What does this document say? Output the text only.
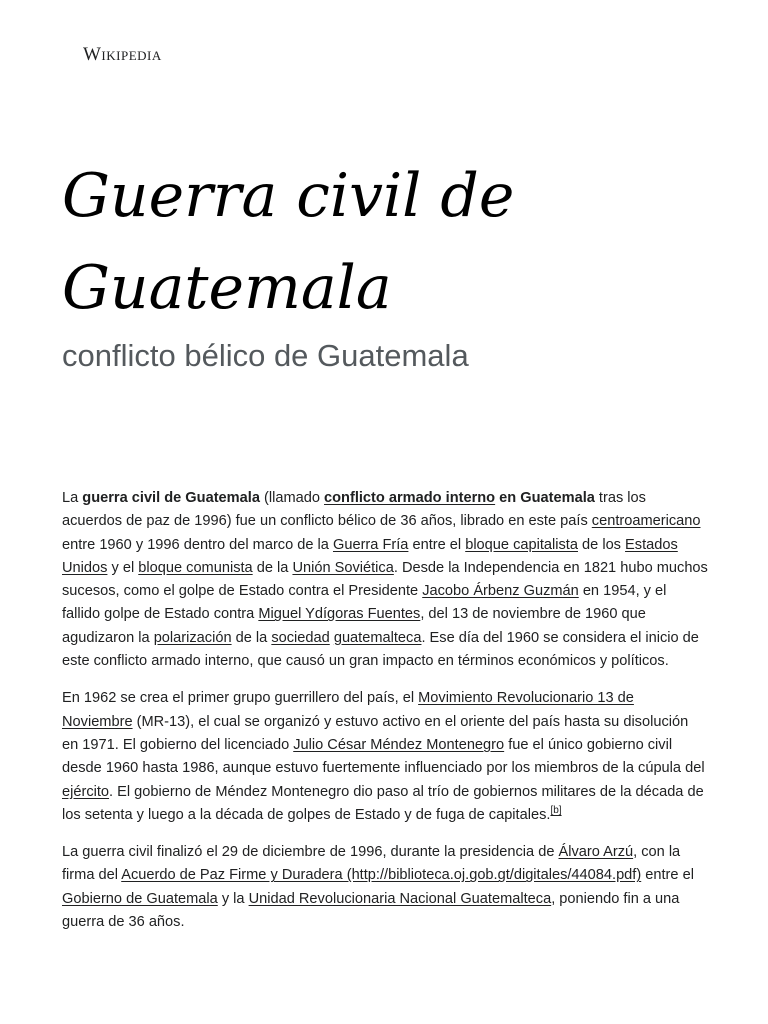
Wikipedia
Guerra civil de Guatemala
conflicto bélico de Guatemala

La guerra civil de Guatemala (llamado conflicto armado interno en Guatemala tras los acuerdos de paz de 1996) fue un conflicto bélico de 36 años, librado en este país centroamericano entre 1960 y 1996 dentro del marco de la Guerra Fría entre el bloque capitalista de los Estados Unidos y el bloque comunista de la Unión Soviética. Desde la Independencia en 1821 hubo muchos sucesos, como el golpe de Estado contra el Presidente Jacobo Árbenz Guzmán en 1954, y el fallido golpe de Estado contra Miguel Ydígoras Fuentes, del 13 de noviembre de 1960 que agudizaron la polarización de la sociedad guatemalteca. Ese día del 1960 se considera el inicio de este conflicto armado interno, que causó un gran impacto en términos económicos y políticos.

En 1962 se crea el primer grupo guerrillero del país, el Movimiento Revolucionario 13 de Noviembre (MR-13), el cual se organizó y estuvo activo en el oriente del país hasta su disolución en 1971. El gobierno del licenciado Julio César Méndez Montenegro fue el único gobierno civil desde 1960 hasta 1986, aunque estuvo fuertemente influenciado por los miembros de la cúpula del ejército. El gobierno de Méndez Montenegro dio paso al trío de gobiernos militares de la década de los setenta y luego a la década de golpes de Estado y de fuga de capitales.[b]

La guerra civil finalizó el 29 de diciembre de 1996, durante la presidencia de Álvaro Arzú, con la firma del Acuerdo de Paz Firme y Duradera (http://biblioteca.oj.gob.gt/digitales/44084.pdf) entre el Gobierno de Guatemala y la Unidad Revolucionaria Nacional Guatemalteca, poniendo fin a una guerra de 36 años.
